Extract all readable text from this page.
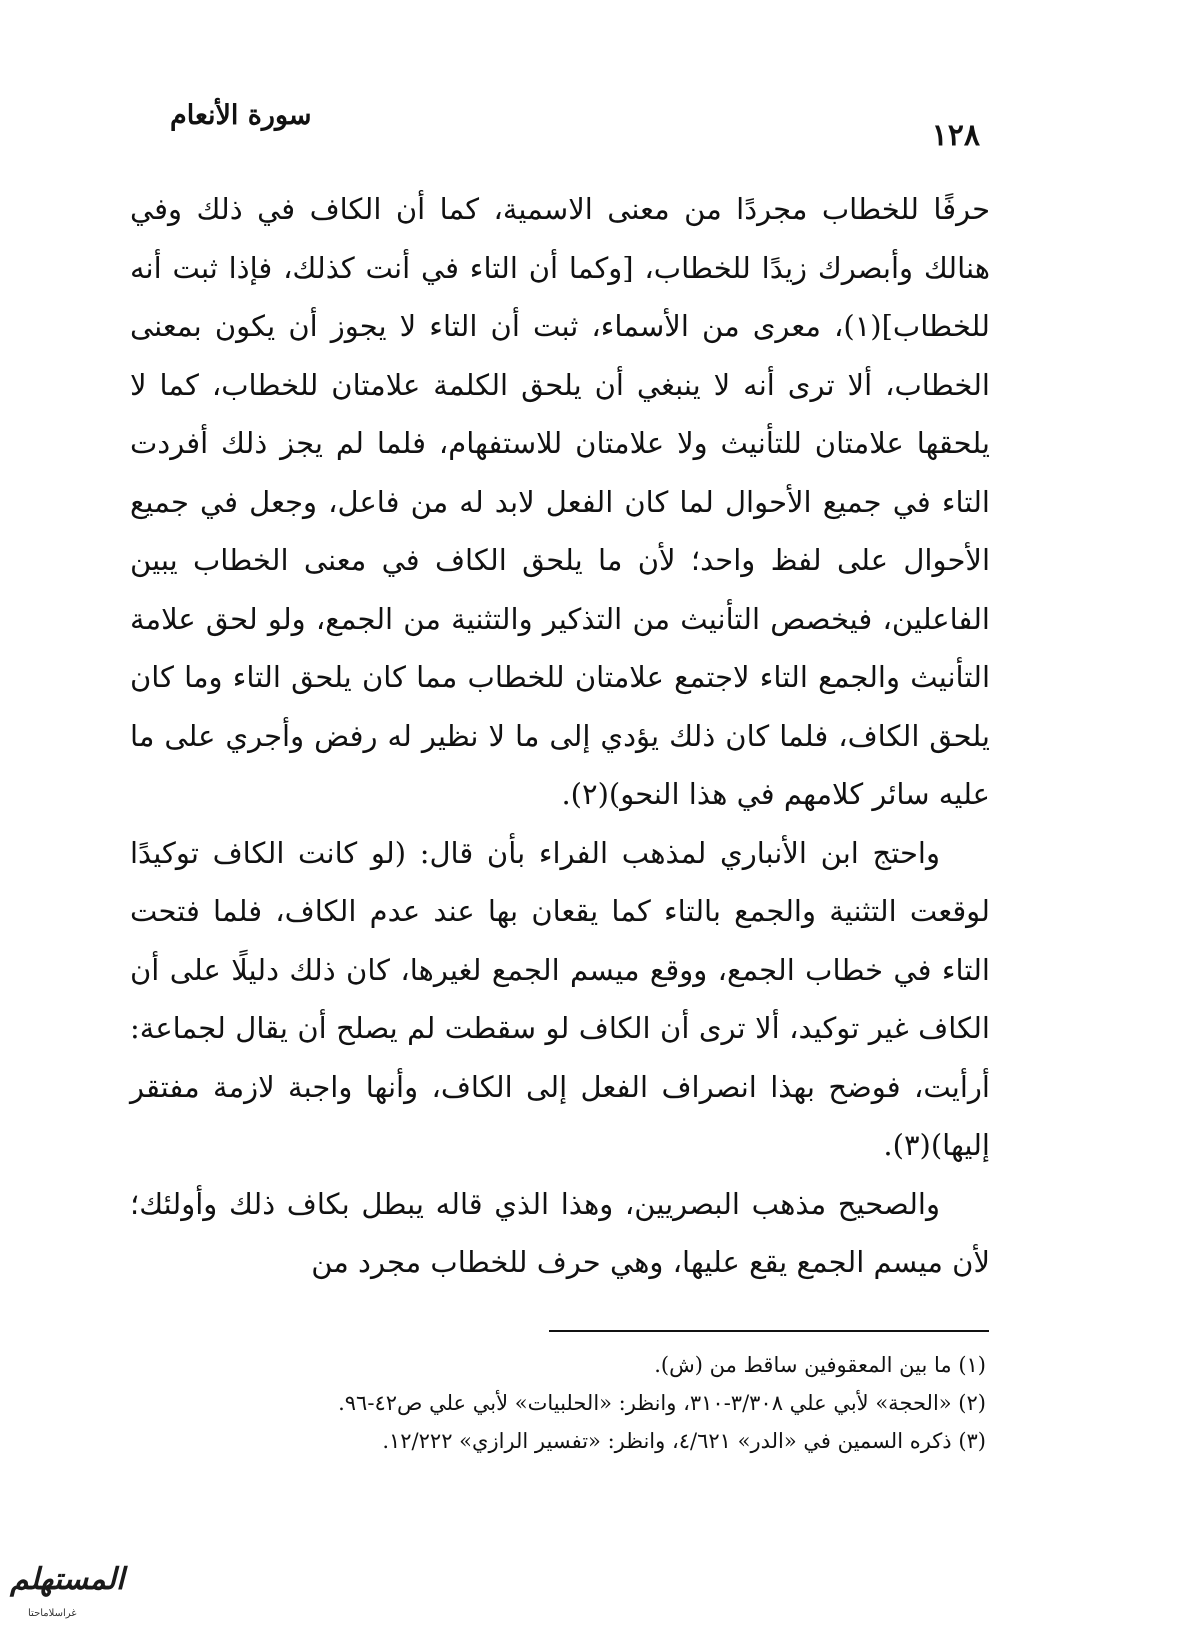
١٢٨
سورة الأنعام

حرفًا للخطاب مجردًا من معنى الاسمية، كما أن الكاف في ذلك وفي هنالك وأبصرك زيدًا للخطاب، [وكما أن التاء في أنت كذلك، فإذا ثبت أنه للخطاب](١)، معرى من الأسماء، ثبت أن التاء لا يجوز أن يكون بمعنى الخطاب، ألا ترى أنه لا ينبغي أن يلحق الكلمة علامتان للخطاب، كما لا يلحقها علامتان للتأنيث ولا علامتان للاستفهام، فلما لم يجز ذلك أفردت التاء في جميع الأحوال لما كان الفعل لابد له من فاعل، وجعل في جميع الأحوال على لفظ واحد؛ لأن ما يلحق الكاف في معنى الخطاب يبين الفاعلين، فيخصص التأنيث من التذكير والتثنية من الجمع، ولو لحق علامة التأنيث والجمع التاء لاجتمع علامتان للخطاب مما كان يلحق التاء وما كان يلحق الكاف، فلما كان ذلك يؤدي إلى ما لا نظير له رفض وأجري على ما عليه سائر كلامهم في هذا النحو)(٢).

واحتج ابن الأنباري لمذهب الفراء بأن قال: (لو كانت الكاف توكيدًا لوقعت التثنية والجمع بالتاء كما يقعان بها عند عدم الكاف، فلما فتحت التاء في خطاب الجمع، ووقع ميسم الجمع لغيرها، كان ذلك دليلًا على أن الكاف غير توكيد، ألا ترى أن الكاف لو سقطت لم يصلح أن يقال لجماعة: أرأيت، فوضح بهذا انصراف الفعل إلى الكاف، وأنها واجبة لازمة مفتقر إليها)(٣).

والصحيح مذهب البصريين، وهذا الذي قاله يبطل بكاف ذلك وأولئك؛ لأن ميسم الجمع يقع عليها، وهي حرف للخطاب مجرد من

(١) ما بين المعقوفين ساقط من (ش).

(٢) «الحجة» لأبي علي ٣/٣٠٨-٣١٠، وانظر: «الحلبيات» لأبي علي ص٤٢-٩٦.

(٣) ذكره السمين في «الدر» ٤/٦٢١، وانظر: «تفسير الرازي» ١٢/٢٢٢.

المستهلم
غراسلاماحتا
